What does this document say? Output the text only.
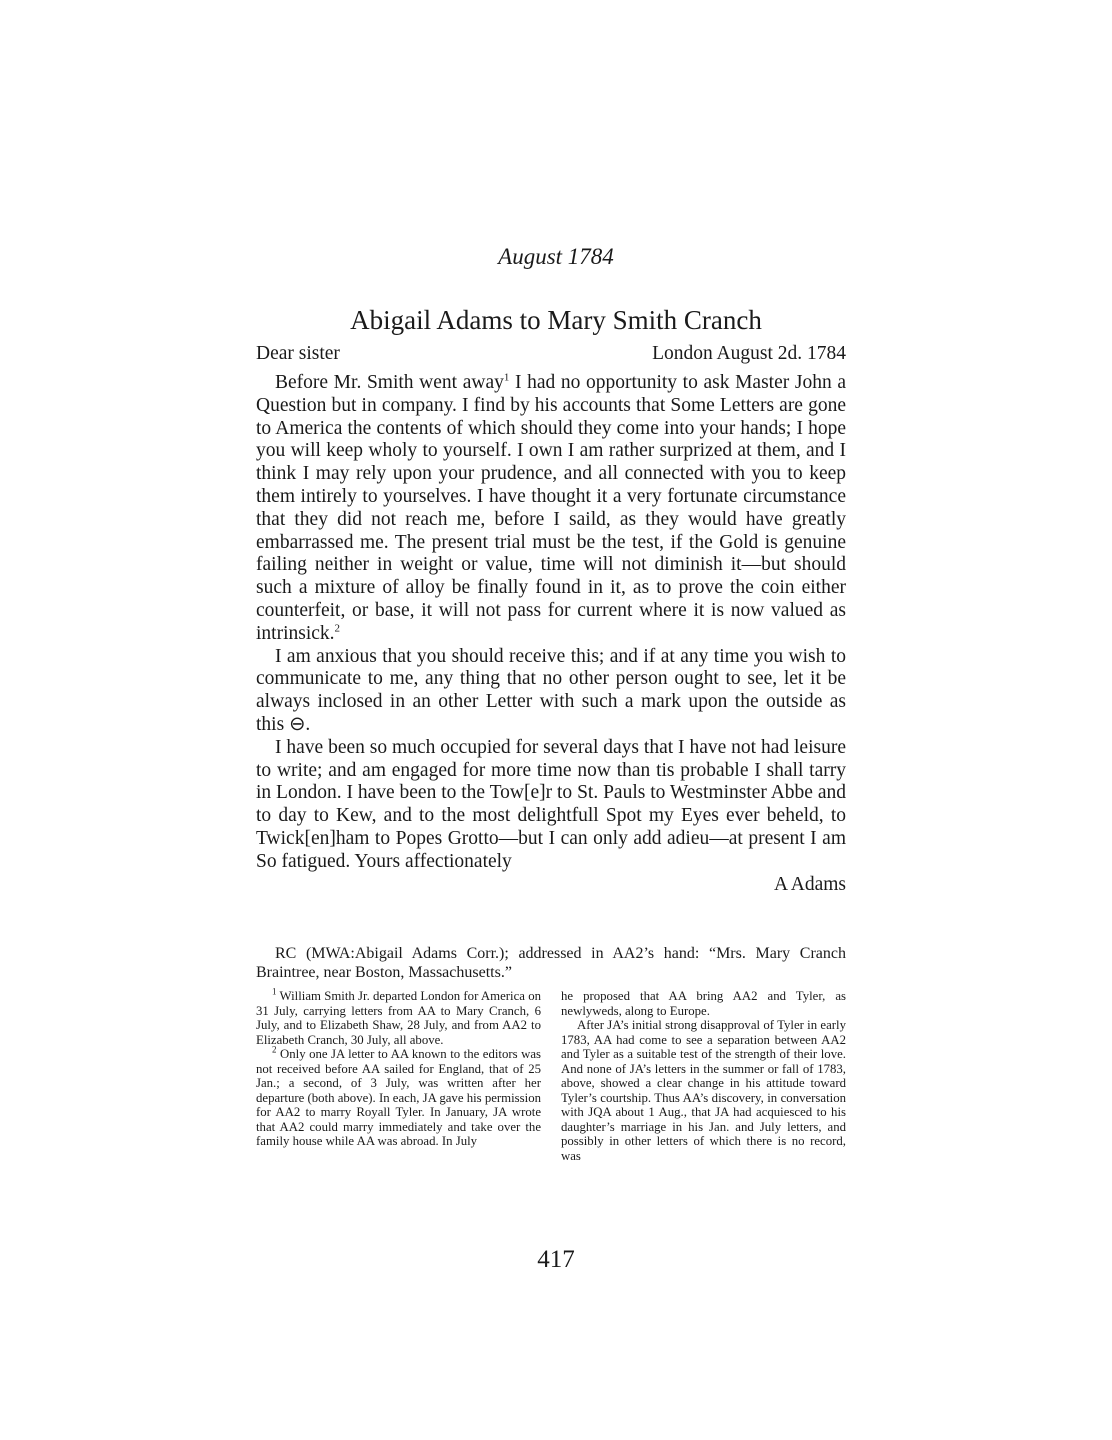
August 1784
Abigail Adams to Mary Smith Cranch
Dear sister	London August 2d. 1784

Before Mr. Smith went away$^1$ I had no opportunity to ask Master John a Question but in company. I find by his accounts that Some Letters are gone to America the contents of which should they come into your hands; I hope you will keep wholy to yourself. I own I am rather surprized at them, and I think I may rely upon your prudence, and all connected with you to keep them intirely to yourselves. I have thought it a very fortunate circumstance that they did not reach me, before I saild, as they would have greatly embarrassed me. The present trial must be the test, if the Gold is genuine failing neither in weight or value, time will not diminish it—but should such a mixture of alloy be finally found in it, as to prove the coin either counterfeit, or base, it will not pass for current where it is now valued as intrinsick.$^2$

I am anxious that you should receive this; and if at any time you wish to communicate to me, any thing that no other person ought to see, let it be always inclosed in an other Letter with such a mark upon the outside as this ⊖.

I have been so much occupied for several days that I have not had leisure to write; and am engaged for more time now than tis probable I shall tarry in London. I have been to the Tow[e]r to St. Pauls to Westminster Abbe and to day to Kew, and to the most delightfull Spot my Eyes ever beheld, to Twick[en]ham to Popes Grotto—but I can only add adieu—at present I am So fatigued. Yours affectionately

A Adams

RC (MWA:Abigail Adams Corr.); addressed in AA2’s hand: “Mrs. Mary Cranch Braintree, near Boston, Massachusetts.”

$^1$ William Smith Jr. departed London for America on 31 July, carrying letters from AA to Mary Cranch, 6 July, and to Elizabeth Shaw, 28 July, and from AA2 to Elizabeth Cranch, 30 July, all above.

$^2$ Only one JA letter to AA known to the editors was not received before AA sailed for England, that of 25 Jan.; a second, of 3 July, was written after her departure (both above). In each, JA gave his permission for AA2 to marry Royall Tyler. In January, JA wrote that AA2 could marry immediately and take over the family house while AA was abroad. In July

he proposed that AA bring AA2 and Tyler, as newlyweds, along to Europe.

After JA’s initial strong disapproval of Tyler in early 1783, AA had come to see a separation between AA2 and Tyler as a suitable test of the strength of their love. And none of JA’s letters in the summer or fall of 1783, above, showed a clear change in his attitude toward Tyler’s courtship. Thus AA’s discovery, in conversation with JQA about 1 Aug., that JA had acquiesced to his daughter’s marriage in his Jan. and July letters, and possibly in other letters of which there is no record, was

417
